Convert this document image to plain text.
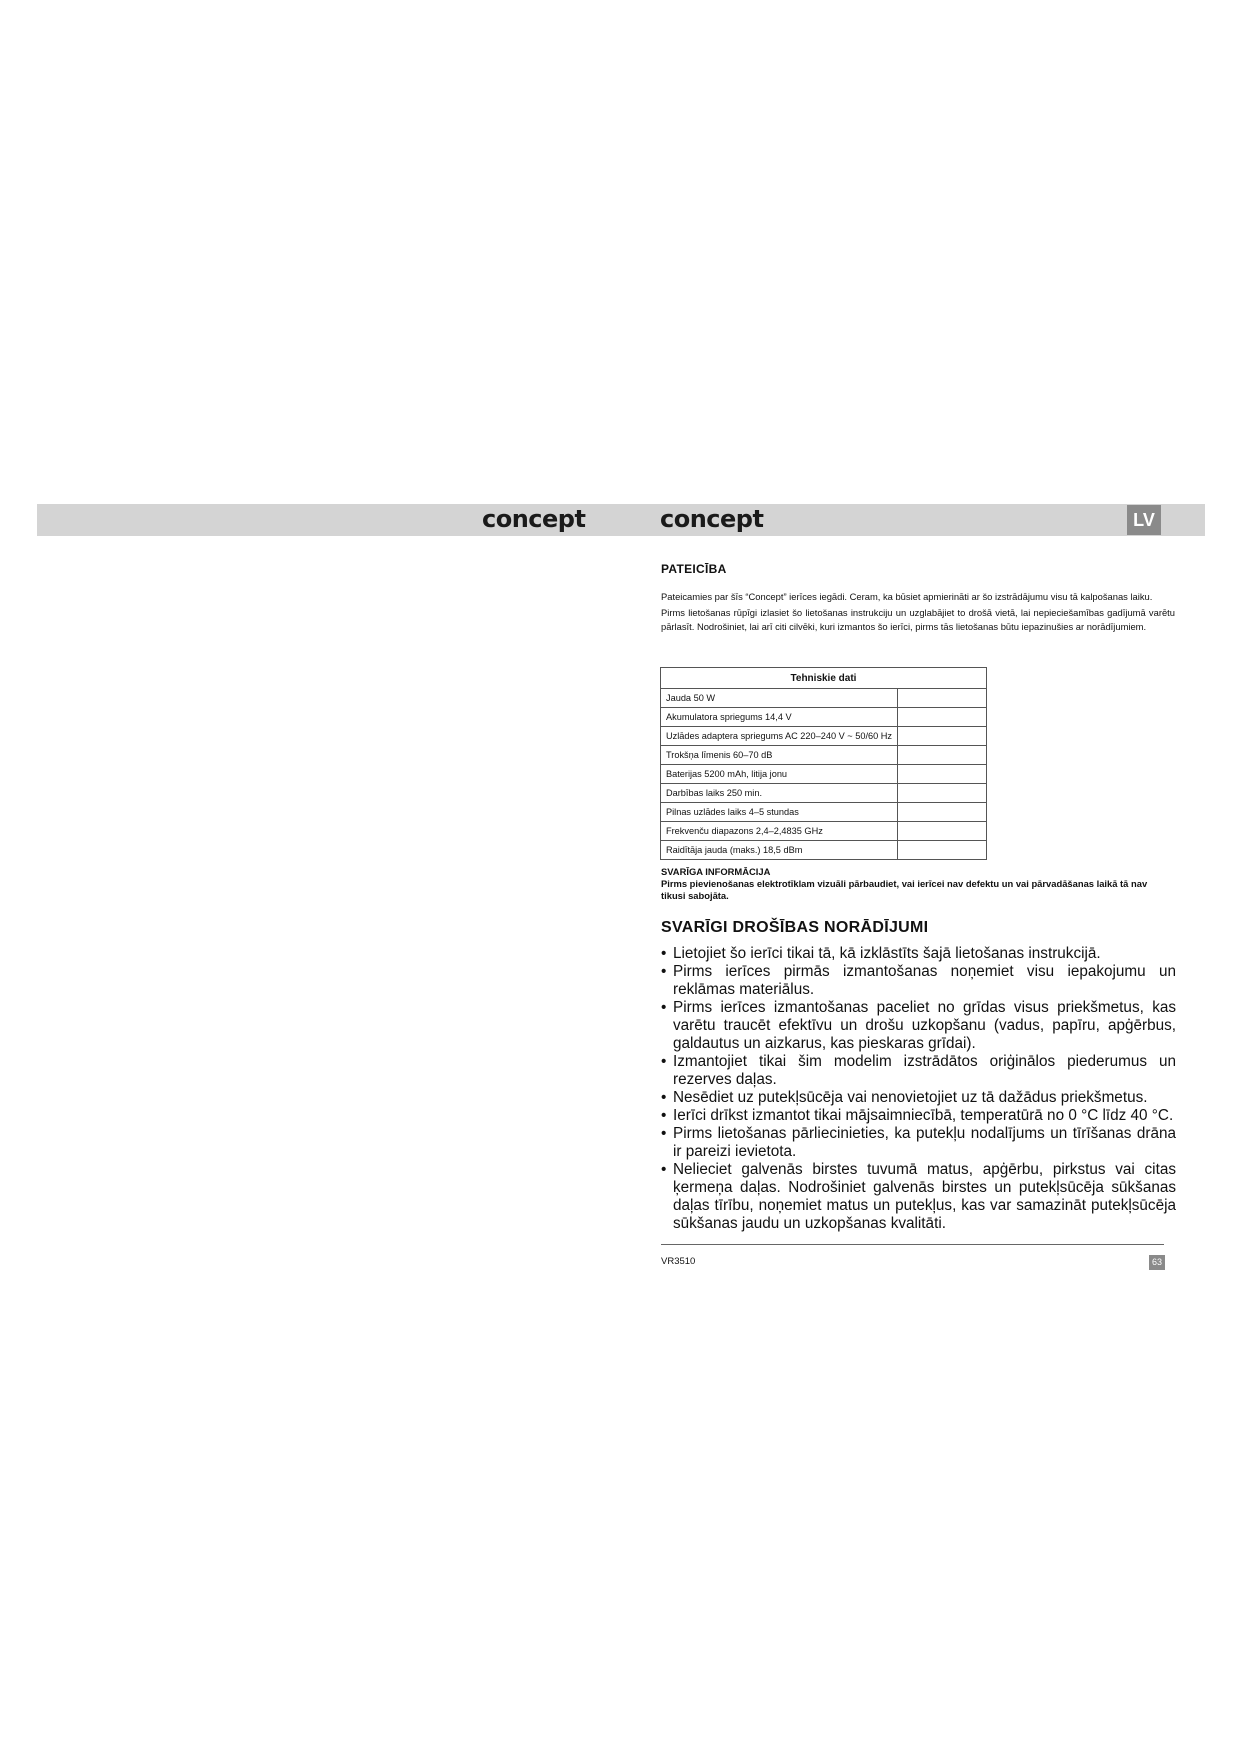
concept	concept	LV
PATEICĪBA

Pateicamies par šīs “Concept” ierīces iegādi. Ceram, ka būsiet apmierināti ar šo izstrādājumu visu tā kalpošanas laiku.

Pirms lietošanas rūpīgi izlasiet šo lietošanas instrukciju un uzglabājiet to drošā vietā, lai nepieciešamības gadījumā varētu pārlasīt. Nodrošiniet, lai arī citi cilvēki, kuri izmantos šo ierīci, pirms tās lietošanas būtu iepazinušies ar norādījumiem.

Tehniskie dati	
Jauda 50 W	
Akumulatora spriegums 14,4 V	
Uzlādes adaptera spriegums AC 220–240 V ~ 50/60 Hz	
Trokšņa līmenis 60–70 dB	
Baterijas 5200 mAh, litija jonu	
Darbības laiks 250 min.	
Pilnas uzlādes laiks 4–5 stundas	
Frekvenču diapazons 2,4–2,4835 GHz	
Raidītāja jauda (maks.) 18,5 dBm	
SVARĪGA INFORMĀCIJA
Pirms pievienošanas elektrotīklam vizuāli pārbaudiet, vai ierīcei nav defektu un vai pārvadāšanas laikā tā nav tikusi sabojāta.
SVARĪGI DROŠĪBAS NORĀDĪJUMI
• Lietojiet šo ierīci tikai tā, kā izklāstīts šajā lietošanas instrukcijā.
• Pirms ierīces pirmās izmantošanas noņemiet visu iepakojumu un reklāmas materiālus.
• Pirms ierīces izmantošanas paceliet no grīdas visus priekšmetus, kas varētu traucēt efektīvu un drošu uzkopšanu (vadus, papīru, apģērbus, galdautus un aizkarus, kas pieskaras grīdai).
• Izmantojiet tikai šim modelim izstrādātos oriģinālos piederumus un rezerves daļas.
• Nesēdiet uz putekļsūcēja vai nenovietojiet uz tā dažādus priekšmetus.
• Ierīci drīkst izmantot tikai mājsaimniecībā, temperatūrā no 0 °C līdz 40 °C.
• Pirms lietošanas pārliecinieties, ka putekļu nodalījums un tīrīšanas drāna ir pareizi ievietota.
• Nelieciet galvenās birstes tuvumā matus, apģērbu, pirkstus vai citas ķermeņa daļas. Nodrošiniet galvenās birstes un putekļsūcēja sūkšanas daļas tīrību, noņemiet matus un putekļus, kas var samazināt putekļsūcēja sūkšanas jaudu un uzkopšanas kvalitāti.
VR3510	63
